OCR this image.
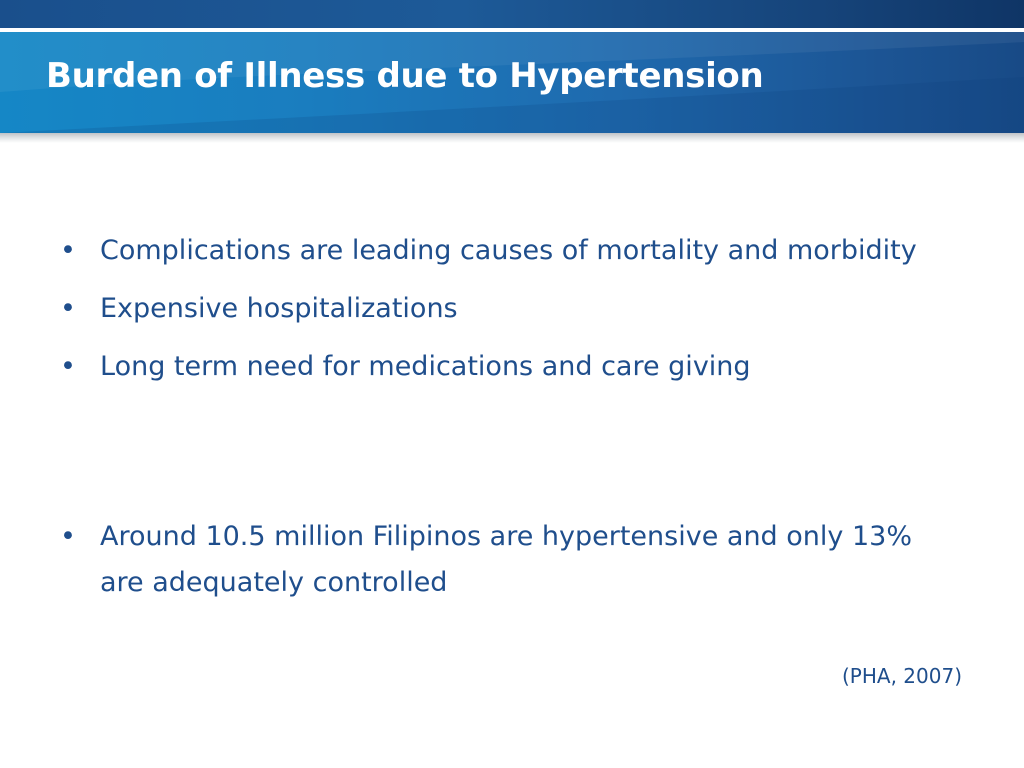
Burden of Illness due to Hypertension
• Complications are leading causes of mortality and morbidity
• Expensive hospitalizations
• Long term need for medications and care giving
• Around 10.5 million Filipinos are hypertensive and only 13% are adequately controlled

(PHA, 2007)
